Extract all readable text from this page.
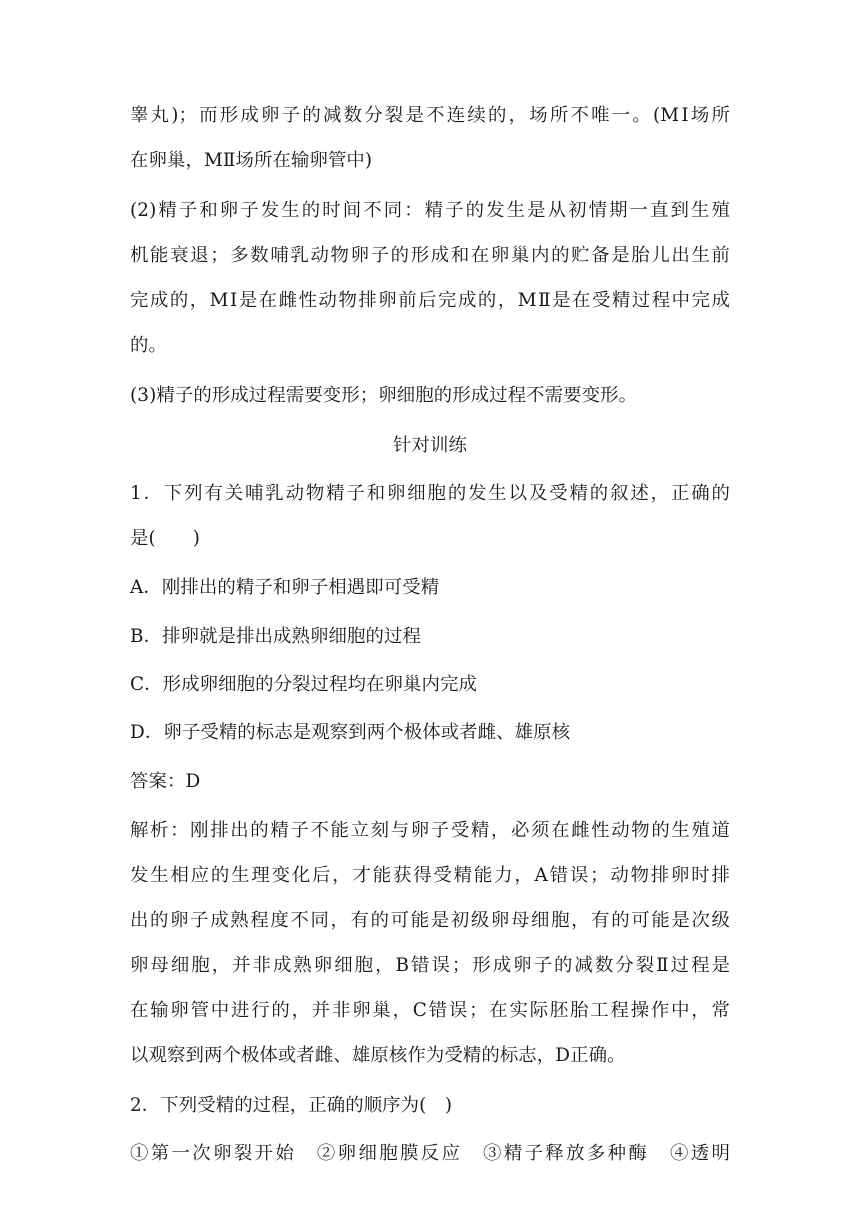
睾丸)；而形成卵子的减数分裂是不连续的，场所不唯一。(MⅠ场所
在卵巢，MⅡ场所在输卵管中)
(2)精子和卵子发生的时间不同：精子的发生是从初情期一直到生殖
机能衰退；多数哺乳动物卵子的形成和在卵巢内的贮备是胎儿出生前
完成的，MⅠ是在雌性动物排卵前后完成的，MⅡ是在受精过程中完成
的。
(3)精子的形成过程需要变形；卵细胞的形成过程不需要变形。
针对训练
1．下列有关哺乳动物精子和卵细胞的发生以及受精的叙述，正确的
是(　　)
A．刚排出的精子和卵子相遇即可受精
B．排卵就是排出成熟卵细胞的过程
C．形成卵细胞的分裂过程均在卵巢内完成
D．卵子受精的标志是观察到两个极体或者雌、雄原核
答案：D
解析：刚排出的精子不能立刻与卵子受精，必须在雌性动物的生殖道
发生相应的生理变化后，才能获得受精能力，A错误；动物排卵时排
出的卵子成熟程度不同，有的可能是初级卵母细胞，有的可能是次级
卵母细胞，并非成熟卵细胞，B错误；形成卵子的减数分裂Ⅱ过程是
在输卵管中进行的，并非卵巢，C错误；在实际胚胎工程操作中，常
以观察到两个极体或者雌、雄原核作为受精的标志，D正确。
2．下列受精的过程，正确的顺序为(　)
①第一次卵裂开始　②卵细胞膜反应　③精子释放多种酶　④透明
